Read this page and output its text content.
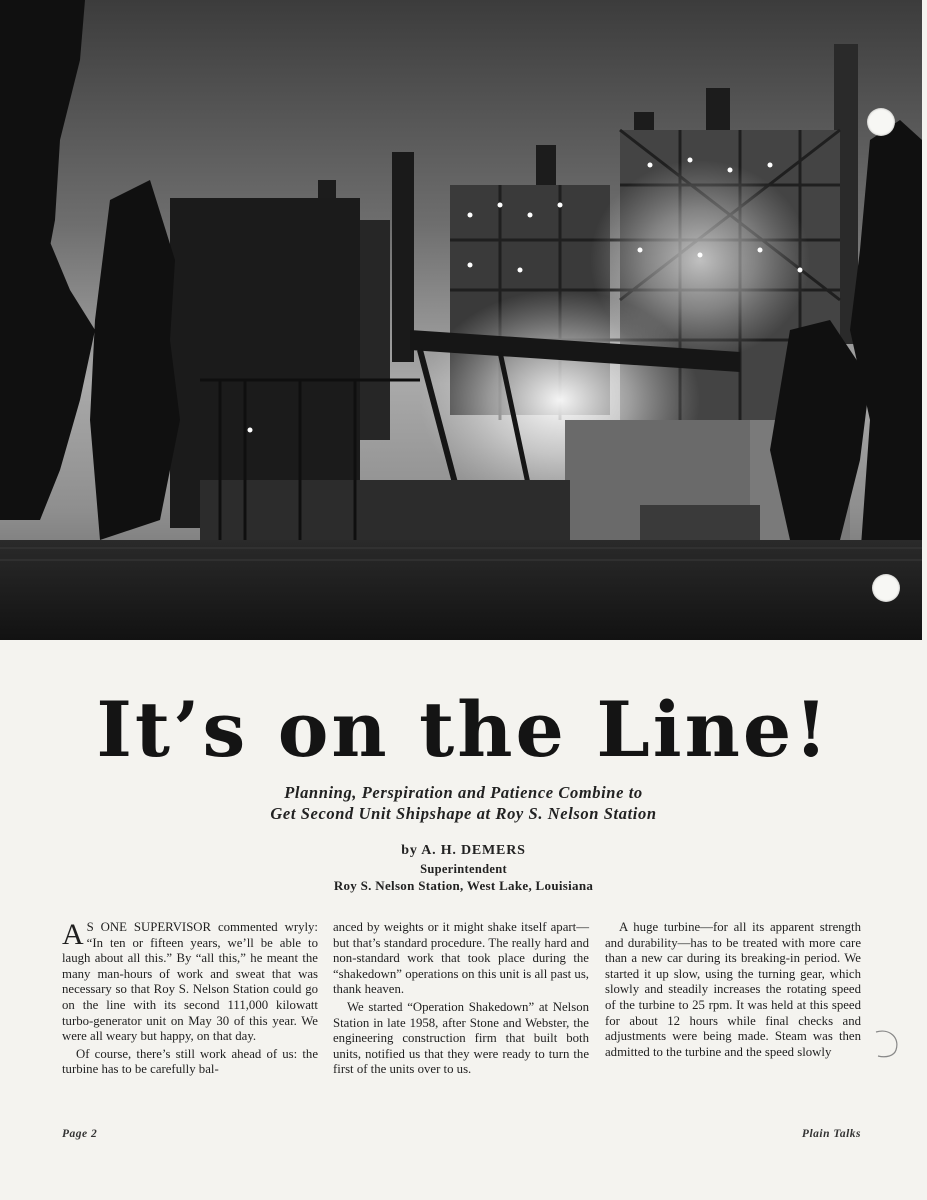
It’s on the Line!
Planning, Perspiration and Patience Combine to
Get Second Unit Shipshape at Roy S. Nelson Station
by A. H. DEMERS
Superintendent
Roy S. Nelson Station, West Lake, Louisiana

A S ONE SUPERVISOR commented wryly: “In ten or fifteen years, we’ll be able to laugh about all this.” By “all this,” he meant the many man-hours of work and sweat that was necessary so that Roy S. Nelson Station could go on the line with its second 111,000 kilowatt turbo-generator unit on May 30 of this year. We were all weary but happy, on that day.

Of course, there’s still work ahead of us: the turbine has to be carefully bal-

anced by weights or it might shake itself apart—but that’s standard procedure. The really hard and non-standard work that took place during the “shakedown” operations on this unit is all past us, thank heaven.

We started “Operation Shakedown” at Nelson Station in late 1958, after Stone and Webster, the engineering construction firm that built both units, notified us that they were ready to turn the first of the units over to us.

A huge turbine—for all its apparent strength and durability—has to be treated with more care than a new car during its breaking-in period. We started it up slow, using the turning gear, which slowly and steadily increases the rotating speed of the turbine to 25 rpm. It was held at this speed for about 12 hours while final checks and adjustments were being made. Steam was then admitted to the turbine and the speed slowly

Page 2	Plain Talks
